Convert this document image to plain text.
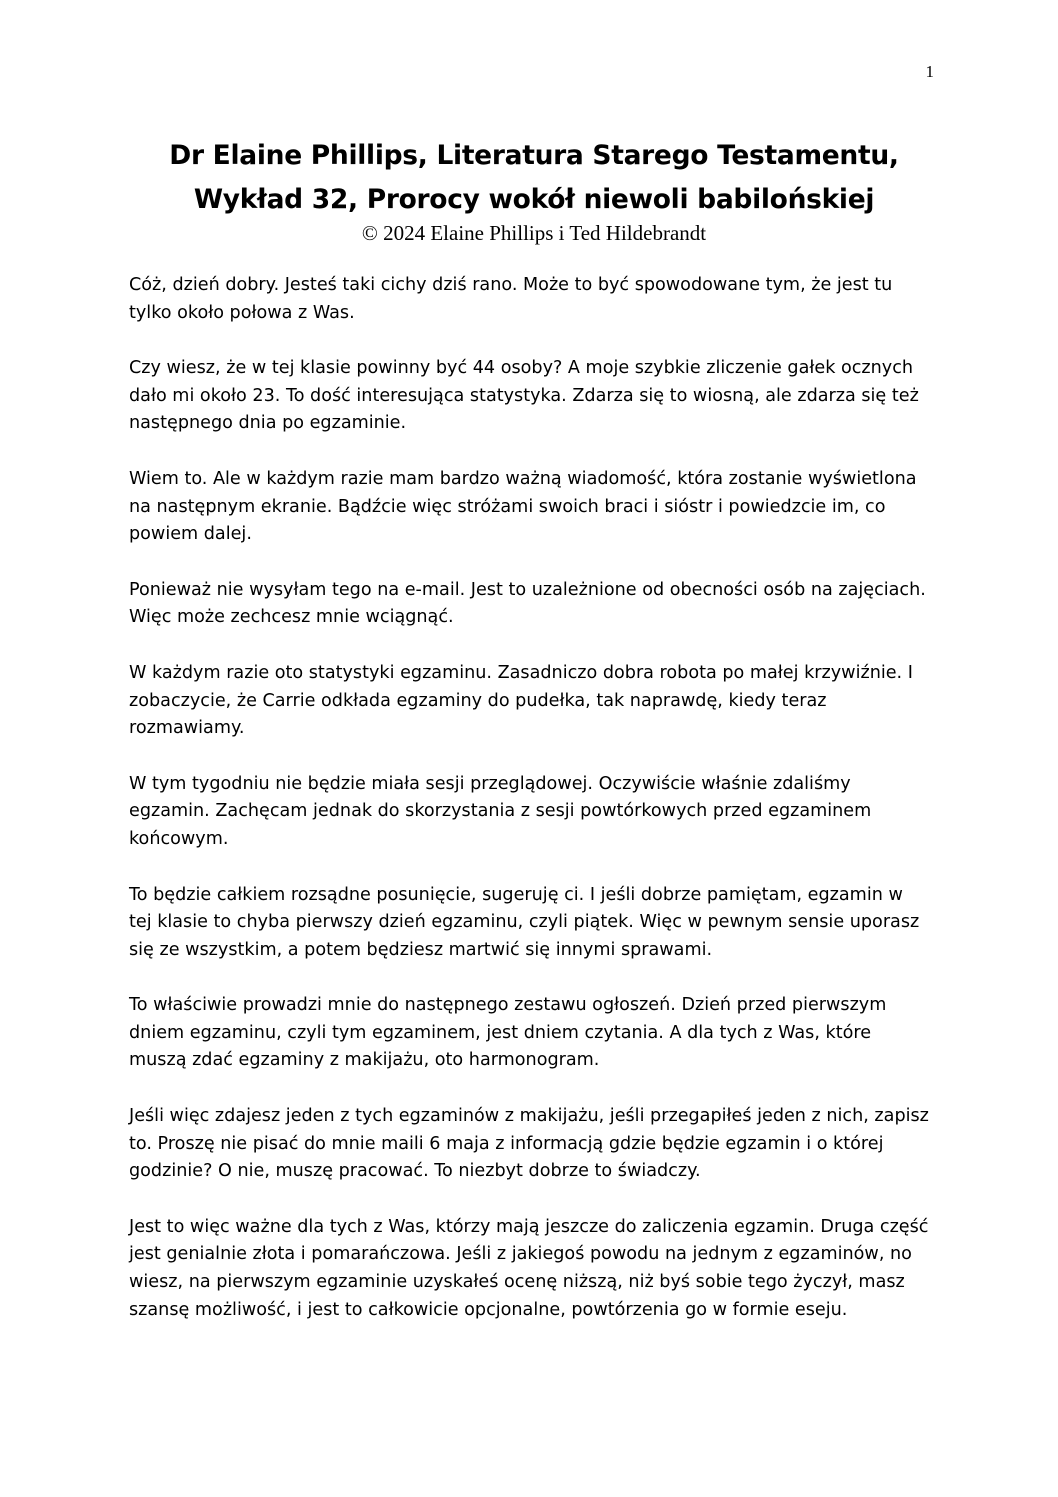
1
Dr Elaine Phillips, Literatura Starego Testamentu,
Wykład 32, Prorocy wokół niewoli babilońskiej
© 2024 Elaine Phillips i Ted Hildebrandt

Cóż, dzień dobry. Jesteś taki cichy dziś rano. Może to być spowodowane tym, że jest tu tylko około połowa z Was.

Czy wiesz, że w tej klasie powinny być 44 osoby? A moje szybkie zliczenie gałek ocznych dało mi około 23. To dość interesująca statystyka. Zdarza się to wiosną, ale zdarza się też następnego dnia po egzaminie.

Wiem to. Ale w każdym razie mam bardzo ważną wiadomość, która zostanie wyświetlona na następnym ekranie. Bądźcie więc stróżami swoich braci i sióstr i powiedzcie im, co powiem dalej.

Ponieważ nie wysyłam tego na e-mail. Jest to uzależnione od obecności osób na zajęciach. Więc może zechcesz mnie wciągnąć.

W każdym razie oto statystyki egzaminu. Zasadniczo dobra robota po małej krzywiźnie. I zobaczycie, że Carrie odkłada egzaminy do pudełka, tak naprawdę, kiedy teraz rozmawiamy.

W tym tygodniu nie będzie miała sesji przeglądowej. Oczywiście właśnie zdaliśmy egzamin. Zachęcam jednak do skorzystania z sesji powtórkowych przed egzaminem końcowym.

To będzie całkiem rozsądne posunięcie, sugeruję ci. I jeśli dobrze pamiętam, egzamin w tej klasie to chyba pierwszy dzień egzaminu, czyli piątek. Więc w pewnym sensie uporasz się ze wszystkim, a potem będziesz martwić się innymi sprawami.

To właściwie prowadzi mnie do następnego zestawu ogłoszeń. Dzień przed pierwszym dniem egzaminu, czyli tym egzaminem, jest dniem czytania. A dla tych z Was, które muszą zdać egzaminy z makijażu, oto harmonogram.

Jeśli więc zdajesz jeden z tych egzaminów z makijażu, jeśli przegapiłeś jeden z nich, zapisz to. Proszę nie pisać do mnie maili 6 maja z informacją gdzie będzie egzamin i o której godzinie? O nie, muszę pracować. To niezbyt dobrze to świadczy.

Jest to więc ważne dla tych z Was, którzy mają jeszcze do zaliczenia egzamin. Druga część jest genialnie złota i pomarańczowa. Jeśli z jakiegoś powodu na jednym z egzaminów, no wiesz, na pierwszym egzaminie uzyskałeś ocenę niższą, niż byś sobie tego życzył, masz szansę możliwość, i jest to całkowicie opcjonalne, powtórzenia go w formie eseju.
